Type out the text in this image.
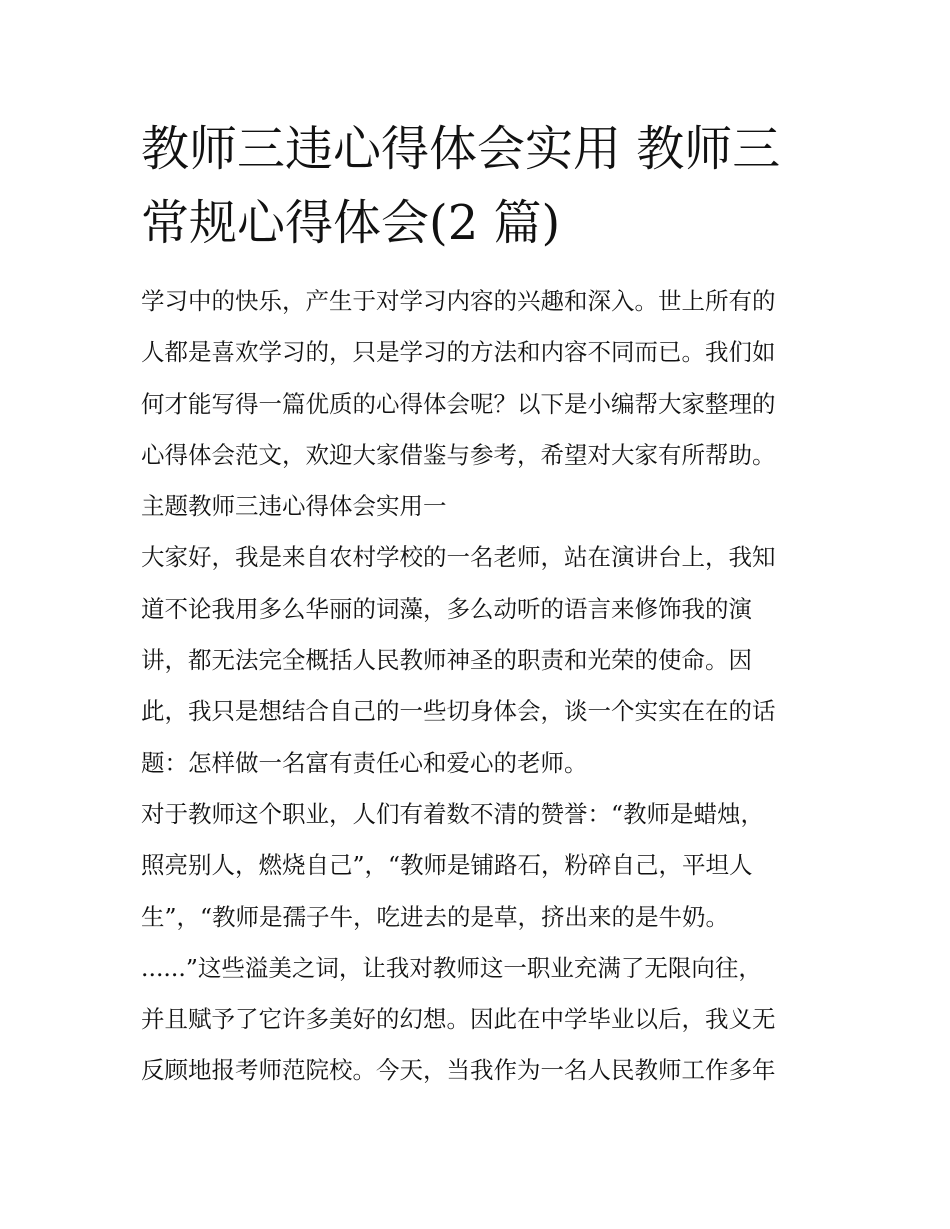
教师三违心得体会实用 教师三
常规心得体会(2 篇)

学习中的快乐，产生于对学习内容的兴趣和深入。世上所有的
人都是喜欢学习的，只是学习的方法和内容不同而已。我们如
何才能写得一篇优质的心得体会呢？以下是小编帮大家整理的
心得体会范文，欢迎大家借鉴与参考，希望对大家有所帮助。

主题教师三违心得体会实用一

大家好，我是来自农村学校的一名老师，站在演讲台上，我知
道不论我用多么华丽的词藻，多么动听的语言来修饰我的演
讲，都无法完全概括人民教师神圣的职责和光荣的使命。因
此，我只是想结合自己的一些切身体会，谈一个实实在在的话
题：怎样做一名富有责任心和爱心的老师。

对于教师这个职业，人们有着数不清的赞誉：“教师是蜡烛，
照亮别人，燃烧自己”，“教师是铺路石，粉碎自己，平坦人
生”，“教师是孺子牛，吃进去的是草，挤出来的是牛奶。
......”这些溢美之词，让我对教师这一职业充满了无限向往，
并且赋予了它许多美好的幻想。因此在中学毕业以后，我义无
反顾地报考师范院校。今天，当我作为一名人民教师工作多年
